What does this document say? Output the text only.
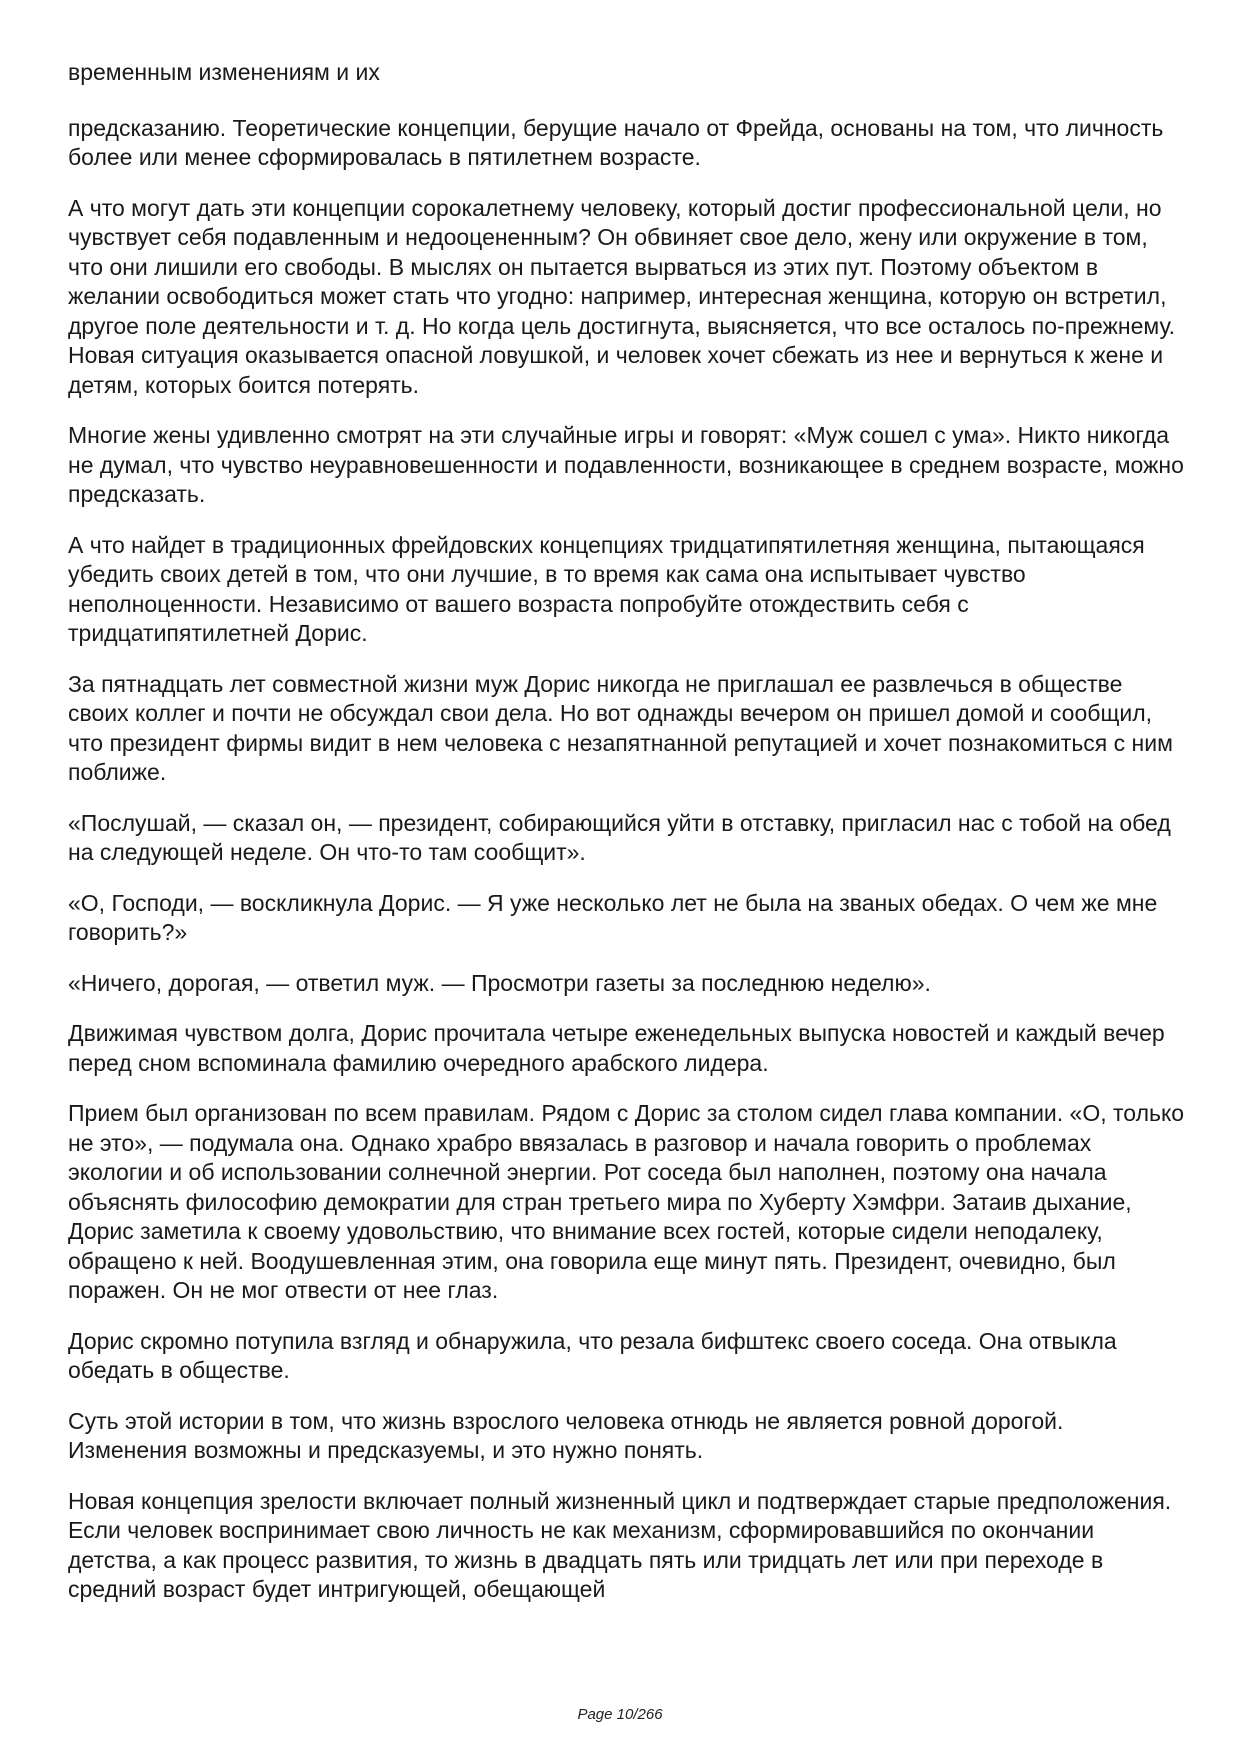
временным изменениям и их

предсказанию. Теоретические концепции, берущие начало от Фрейда, основаны на том, что личность более или менее сформировалась в пятилетнем возрасте.

А что могут дать эти концепции сорокалетнему человеку, который достиг профессиональной цели, но чувствует себя подавленным и недооцененным? Он обвиняет свое дело, жену или окружение в том, что они лишили его свободы. В мыслях он пытается вырваться из этих пут. Поэтому объектом в желании освободиться может стать что угодно: например, интересная женщина, которую он встретил, другое поле деятельности и т. д. Но когда цель достигнута, выясняется, что все осталось по-прежнему. Новая ситуация оказывается опасной ловушкой, и человек хочет сбежать из нее и вернуться к жене и детям, которых боится потерять.

Многие жены удивленно смотрят на эти случайные игры и говорят: «Муж сошел с ума». Никто никогда не думал, что чувство неуравновешенности и подавленности, возникающее в среднем возрасте, можно предсказать.

А что найдет в традиционных фрейдовских концепциях тридцатипятилетняя женщина, пытающаяся убедить своих детей в том, что они лучшие, в то время как сама она испытывает чувство неполноценности. Независимо от вашего возраста попробуйте отождествить себя с тридцатипятилетней Дорис.

За пятнадцать лет совместной жизни муж Дорис никогда не приглашал ее развлечься в обществе своих коллег и почти не обсуждал свои дела. Но вот однажды вечером он пришел домой и сообщил, что президент фирмы видит в нем человека с незапятнанной репутацией и хочет познакомиться с ним поближе.

«Послушай, — сказал он, — президент, собирающийся уйти в отставку, пригласил нас с тобой на обед на следующей неделе. Он что-то там сообщит».

«О, Господи, — воскликнула Дорис. — Я уже несколько лет не была на званых обедах. О чем же мне говорить?»

«Ничего, дорогая, — ответил муж. — Просмотри газеты за последнюю неделю».

Движимая чувством долга, Дорис прочитала четыре еженедельных выпуска новостей и каждый вечер перед сном вспоминала фамилию очередного арабского лидера.

Прием был организован по всем правилам. Рядом с Дорис за столом сидел глава компании. «О, только не это», — подумала она. Однако храбро ввязалась в разговор и начала говорить о проблемах экологии и об использовании солнечной энергии. Рот соседа был наполнен, поэтому она начала объяснять философию демократии для стран третьего мира по Хуберту Хэмфри. Затаив дыхание, Дорис заметила к своему удовольствию, что внимание всех гостей, которые сидели неподалеку, обращено к ней. Воодушевленная этим, она говорила еще минут пять. Президент, очевидно, был поражен. Он не мог отвести от нее глаз.

Дорис скромно потупила взгляд и обнаружила, что резала бифштекс своего соседа. Она отвыкла обедать в обществе.

Суть этой истории в том, что жизнь взрослого человека отнюдь не является ровной дорогой. Изменения возможны и предсказуемы, и это нужно понять.

Новая концепция зрелости включает полный жизненный цикл и подтверждает старые предположения. Если человек воспринимает свою личность не как механизм, сформировавшийся по окончании детства, а как процесс развития, то жизнь в двадцать пять или тридцать лет или при переходе в средний возраст будет интригующей, обещающей

Page 10/266
